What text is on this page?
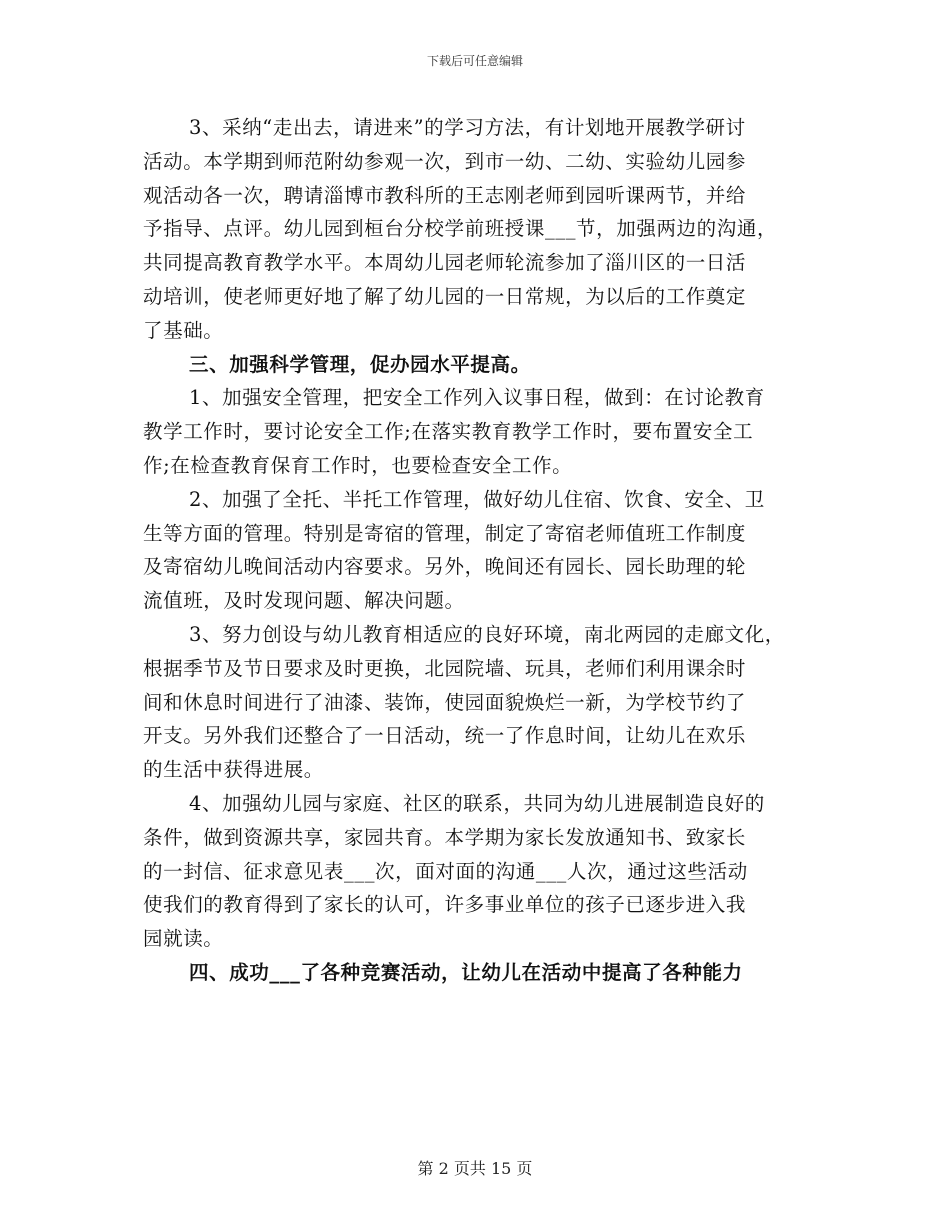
下载后可任意编辑
3、采纳“走出去，请进来”的学习方法，有计划地开展教学研讨
活动。本学期到师范附幼参观一次，到市一幼、二幼、实验幼儿园参
观活动各一次，聘请淄博市教科所的王志刚老师到园听课两节，并给
予指导、点评。幼儿园到桓台分校学前班授课___节，加强两边的沟通，
共同提高教育教学水平。本周幼儿园老师轮流参加了淄川区的一日活
动培训，使老师更好地了解了幼儿园的一日常规，为以后的工作奠定
了基础。
三、加强科学管理，促办园水平提高。
1、加强安全管理，把安全工作列入议事日程，做到：在讨论教育
教学工作时，要讨论安全工作;在落实教育教学工作时，要布置安全工
作;在检查教育保育工作时，也要检查安全工作。
2、加强了全托、半托工作管理，做好幼儿住宿、饮食、安全、卫
生等方面的管理。特别是寄宿的管理，制定了寄宿老师值班工作制度
及寄宿幼儿晚间活动内容要求。另外，晚间还有园长、园长助理的轮
流值班，及时发现问题、解决问题。
3、努力创设与幼儿教育相适应的良好环境，南北两园的走廊文化，
根据季节及节日要求及时更换，北园院墙、玩具，老师们利用课余时
间和休息时间进行了油漆、装饰，使园面貌焕烂一新，为学校节约了
开支。另外我们还整合了一日活动，统一了作息时间，让幼儿在欢乐
的生活中获得进展。
4、加强幼儿园与家庭、社区的联系，共同为幼儿进展制造良好的
条件，做到资源共享，家园共育。本学期为家长发放通知书、致家长
的一封信、征求意见表___次，面对面的沟通___人次，通过这些活动
使我们的教育得到了家长的认可，许多事业单位的孩子已逐步进入我
园就读。
四、成功___了各种竞赛活动，让幼儿在活动中提高了各种能力
第 2 页共 15 页
